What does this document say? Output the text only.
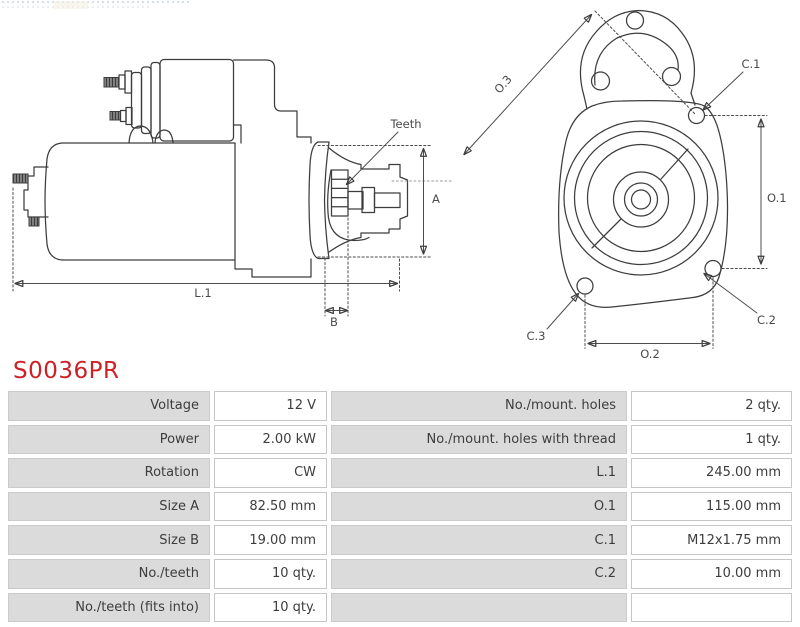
A
L.1
B
Teeth
O.3
C.1
O.1
C.2
C.3
O.2
S0036PR
Voltage	12 V	No./mount. holes	2 qty.
Power	2.00 kW	No./mount. holes with thread	1 qty.
Rotation	CW	L.1	245.00 mm
Size A	82.50 mm	O.1	115.00 mm
Size B	19.00 mm	C.1	M12x1.75 mm
No./teeth	10 qty.	C.2	10.00 mm
No./teeth (fits into)	10 qty.
